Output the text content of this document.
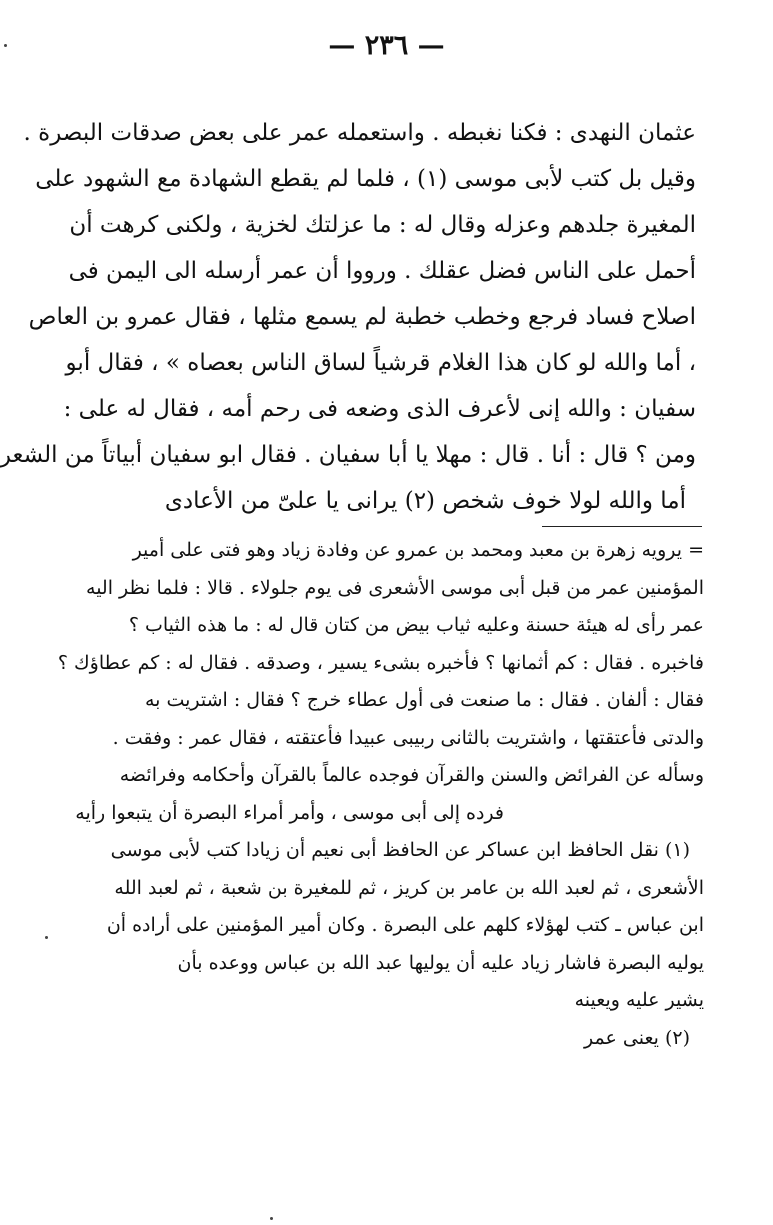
— ٢٣٦ —
عثمان النهدى : فكنا نغبطه . واستعمله عمر على بعض صدقات البصرة .
وقيل بل كتب لأبى موسى (١) ، فلما لم يقطع الشهادة مع الشهود على
المغيرة جلدهم وعزله وقال له : ما عزلتك لخزية ، ولكنى كرهت أن
أحمل على الناس فضل عقلك . ورووا أن عمر أرسله الى اليمن فى
اصلاح فساد فرجع وخطب خطبة لم يسمع مثلها ، فقال عمرو بن العاص
، أما والله لو كان هذا الغلام قرشياً لساق الناس بعصاه » ، فقال أبو
سفيان : والله إنى لأعرف الذى وضعه فى رحم أمه ، فقال له على :
ومن ؟ قال : أنا . قال : مهلا يا أبا سفيان . فقال ابو سفيان أبياتاً من الشعر
أما والله لولا خوف شخص (٢) يرانى يا علىّ من الأعادى
= يرويه زهرة بن معبد ومحمد بن عمرو عن وفادة زياد وهو فتى على أمير
المؤمنين عمر من قبل أبى موسى الأشعرى فى يوم جلولاء . قالا : فلما نظر اليه
عمر رأى له هيئة حسنة وعليه ثياب بيض من كتان قال له : ما هذه الثياب ؟
فاخبره . فقال : كم أثمانها ؟ فأخبره بشىء يسير ، وصدقه . فقال له : كم عطاؤك ؟
فقال : ألفان . فقال : ما صنعت فى أول عطاء خرج ؟ فقال : اشتريت به
والدتى فأعتقتها ، واشتريت بالثانى ربيبى عبيدا فأعتقته ، فقال عمر : وفقت .
وسأله عن الفرائض والسنن والقرآن فوجده عالماً بالقرآن وأحكامه وفرائضه
فرده إلى أبى موسى ، وأمر أمراء البصرة أن يتبعوا رأيه
(١) نقل الحافظ ابن عساكر عن الحافظ أبى نعيم أن زيادا كتب لأبى موسى
الأشعرى ، ثم لعبد الله بن عامر بن كريز ، ثم للمغيرة بن شعبة ، ثم لعبد الله
ابن عباس ـ كتب لهؤلاء كلهم على البصرة . وكان أمير المؤمنين على أراده أن
يوليه البصرة فاشار زياد عليه أن يوليها عبد الله بن عباس ووعده بأن
يشير عليه ويعينه
(٢) يعنى عمر
